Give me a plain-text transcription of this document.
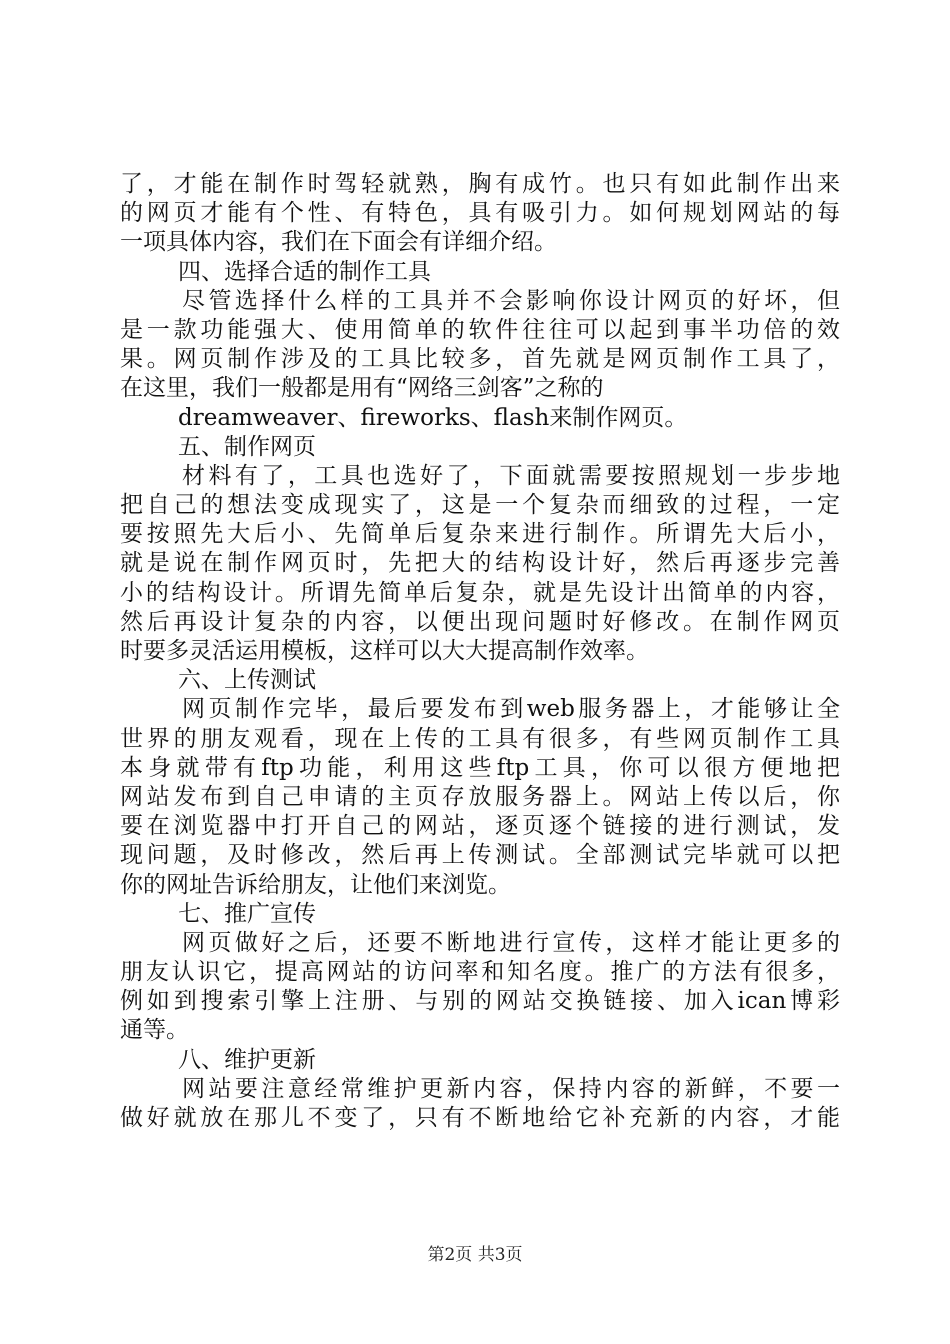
了，才能在制作时驾轻就熟，胸有成竹。也只有如此制作出来
的网页才能有个性、有特色，具有吸引力。如何规划网站的每
一项具体内容，我们在下面会有详细介绍。
四、选择合适的制作工具
尽管选择什么样的工具并不会影响你设计网页的好坏，但
是一款功能强大、使用简单的软件往往可以起到事半功倍的效
果。网页制作涉及的工具比较多，首先就是网页制作工具了，
在这里，我们一般都是用有“网络三剑客”之称的
dreamweaver、fireworks、flash来制作网页。
五、制作网页
材料有了，工具也选好了，下面就需要按照规划一步步地
把自己的想法变成现实了，这是一个复杂而细致的过程，一定
要按照先大后小、先简单后复杂来进行制作。所谓先大后小，
就是说在制作网页时，先把大的结构设计好，然后再逐步完善
小的结构设计。所谓先简单后复杂，就是先设计出简单的内容，
然后再设计复杂的内容，以便出现问题时好修改。在制作网页
时要多灵活运用模板，这样可以大大提高制作效率。
六、上传测试
网页制作完毕，最后要发布到web服务器上，才能够让全
世界的朋友观看，现在上传的工具有很多，有些网页制作工具
本身就带有ftp功能，利用这些ftp工具，你可以很方便地把
网站发布到自己申请的主页存放服务器上。网站上传以后，你
要在浏览器中打开自己的网站，逐页逐个链接的进行测试，发
现问题，及时修改，然后再上传测试。全部测试完毕就可以把
你的网址告诉给朋友，让他们来浏览。
七、推广宣传
网页做好之后，还要不断地进行宣传，这样才能让更多的
朋友认识它，提高网站的访问率和知名度。推广的方法有很多，
例如到搜索引擎上注册、与别的网站交换链接、加入ican博彩
通等。
八、维护更新
网站要注意经常维护更新内容，保持内容的新鲜，不要一
做好就放在那儿不变了，只有不断地给它补充新的内容，才能
第2页 共3页
